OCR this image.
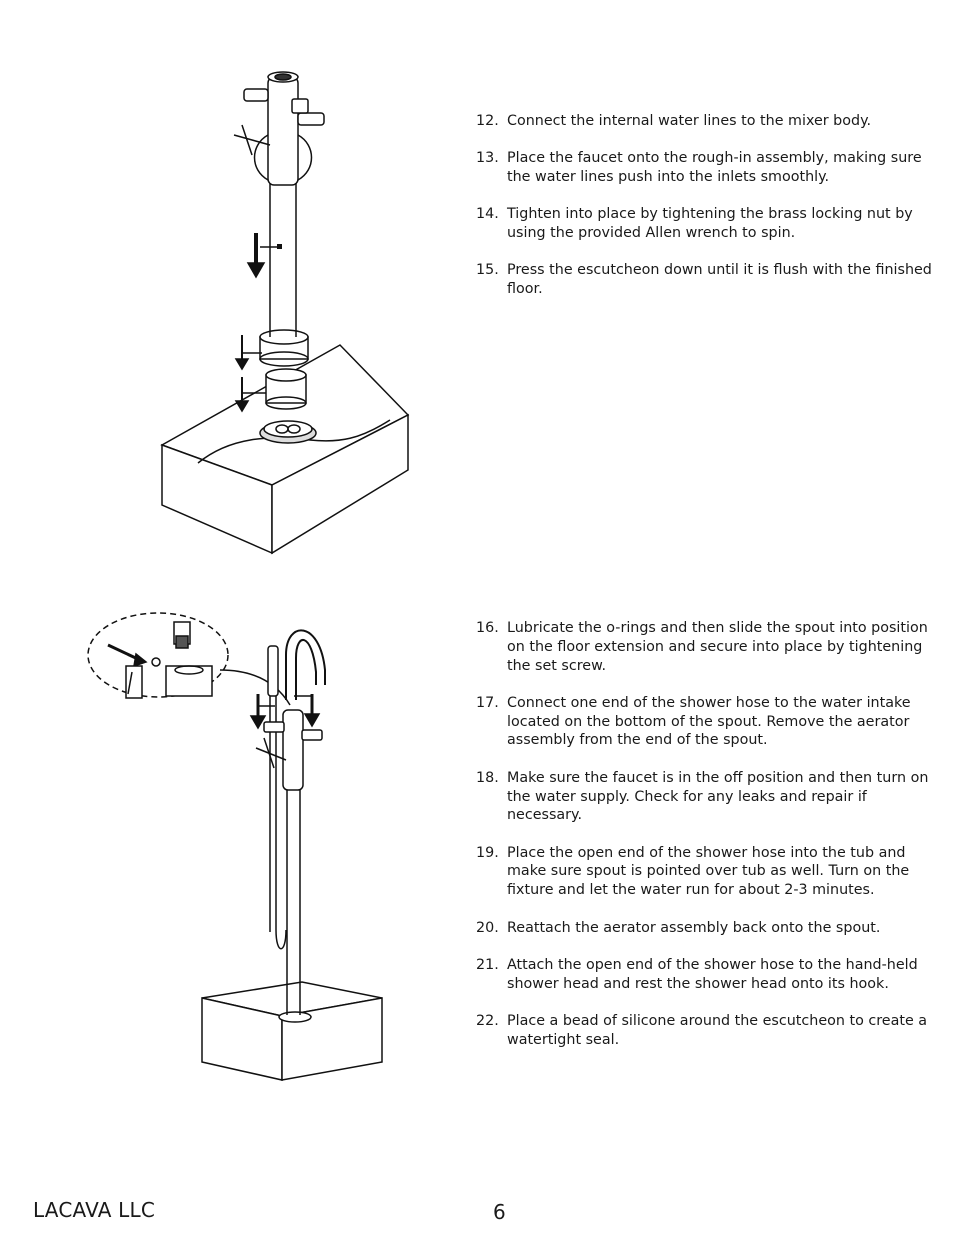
12. Connect the internal water lines to the mixer body.
13. Place the faucet onto the rough-in assembly, making sure the water lines push into the inlets smoothly.
14. Tighten into place by tightening the brass locking nut by using the provided Allen wrench to spin.
15. Press the escutcheon down until it is flush with the finished floor.
16. Lubricate the o-rings and then slide the spout into position on the floor extension and secure into place by tightening the set screw.
17. Connect one end of the shower hose to the water intake located on the bottom of the spout. Remove the aerator assembly from the end of the spout.
18. Make sure the faucet is in the off position and then turn on the water supply. Check for any leaks and repair if necessary.
19. Place the open end of the shower hose into the tub and make sure spout is pointed over tub as well. Turn on the fixture and let the water run for about 2-3 minutes.
20. Reattach the aerator assembly back onto the spout.
21. Attach the open end of the shower hose to the hand-held shower head and rest the shower head onto its hook.
22. Place a bead of silicone around the escutcheon to create a watertight seal.
LACAVA LLC	6
